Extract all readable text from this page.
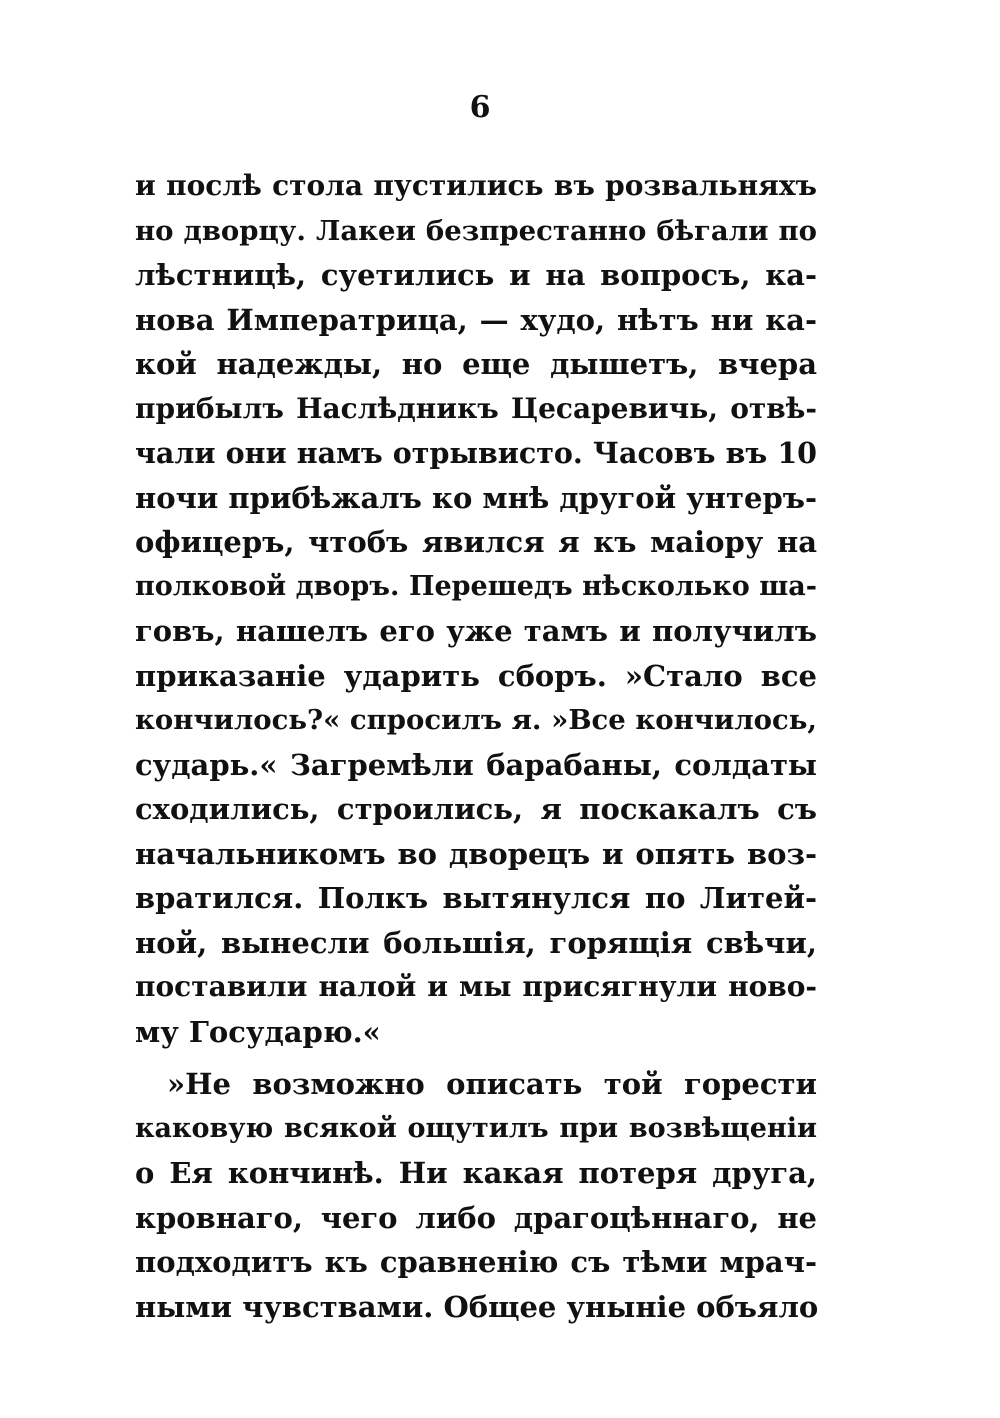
6
и послѣ стола пустились въ розвальняхъ
но дворцу. Лакеи безпрестанно бѣгали по
лѣстницѣ, суетились и на вопросъ, ка-
нова Императрица, — худо, нѣтъ ни ка-
кой надежды, но еще дышетъ, вчера
прибылъ Наслѣдникъ Цесаревичь, отвѣ-
чали они намъ отрывисто. Часовъ въ 10
ночи прибѣжалъ ко мнѣ другой унтеръ-
офицеръ, чтобъ явился я къ маіору на
полковой дворъ. Перешедъ нѣсколько ша-
говъ, нашелъ его уже тамъ и получилъ
приказаніе ударить сборъ. »Стало все
кончилось?« спросилъ я. »Все кончилось,
сударь.« Загремѣли барабаны, солдаты
сходились, строились, я поскакалъ съ
начальникомъ во дворецъ и опять воз-
вратился. Полкъ вытянулся по Литей-
ной, вынесли большія, горящія свѣчи,
поставили налой и мы присягнули ново-
му Государю.«
»Не возможно описать той горести
каковую всякой ощутилъ при возвѣщеніи
о Ея кончинѣ. Ни какая потеря друга,
кровнаго, чего либо драгоцѣннаго, не
подходитъ къ сравненію съ тѣми мрач-
ными чувствами. Общее уныніе объяло
